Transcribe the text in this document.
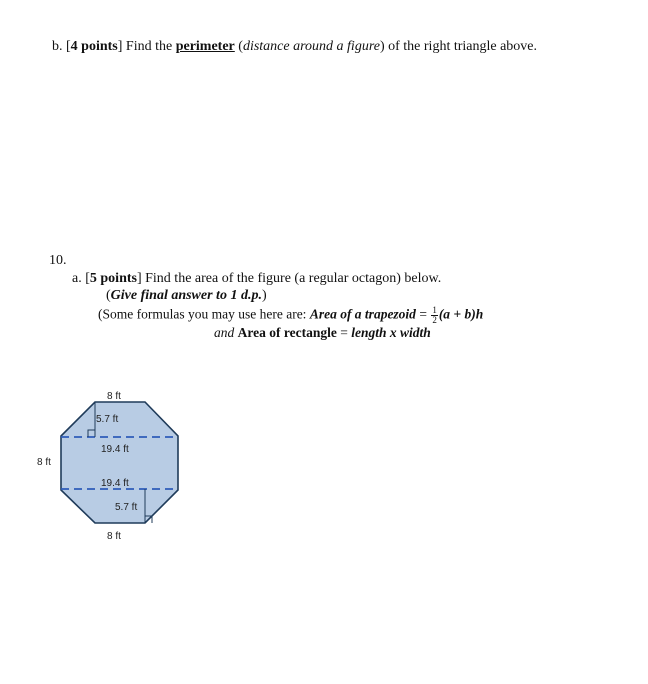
b. [4 points] Find the perimeter (distance around a figure) of the right triangle above.
10.
a. [5 points] Find the area of the figure (a regular octagon) below.
(Give final answer to 1 d.p.)
(Some formulas you may use here are: Area of a trapezoid = $\frac{1}{2} (a + b)h$
and Area of rectangle = length x width
8 ft
5.7 ft
19.4 ft
8 ft
19.4 ft
5.7 ft
8 ft
